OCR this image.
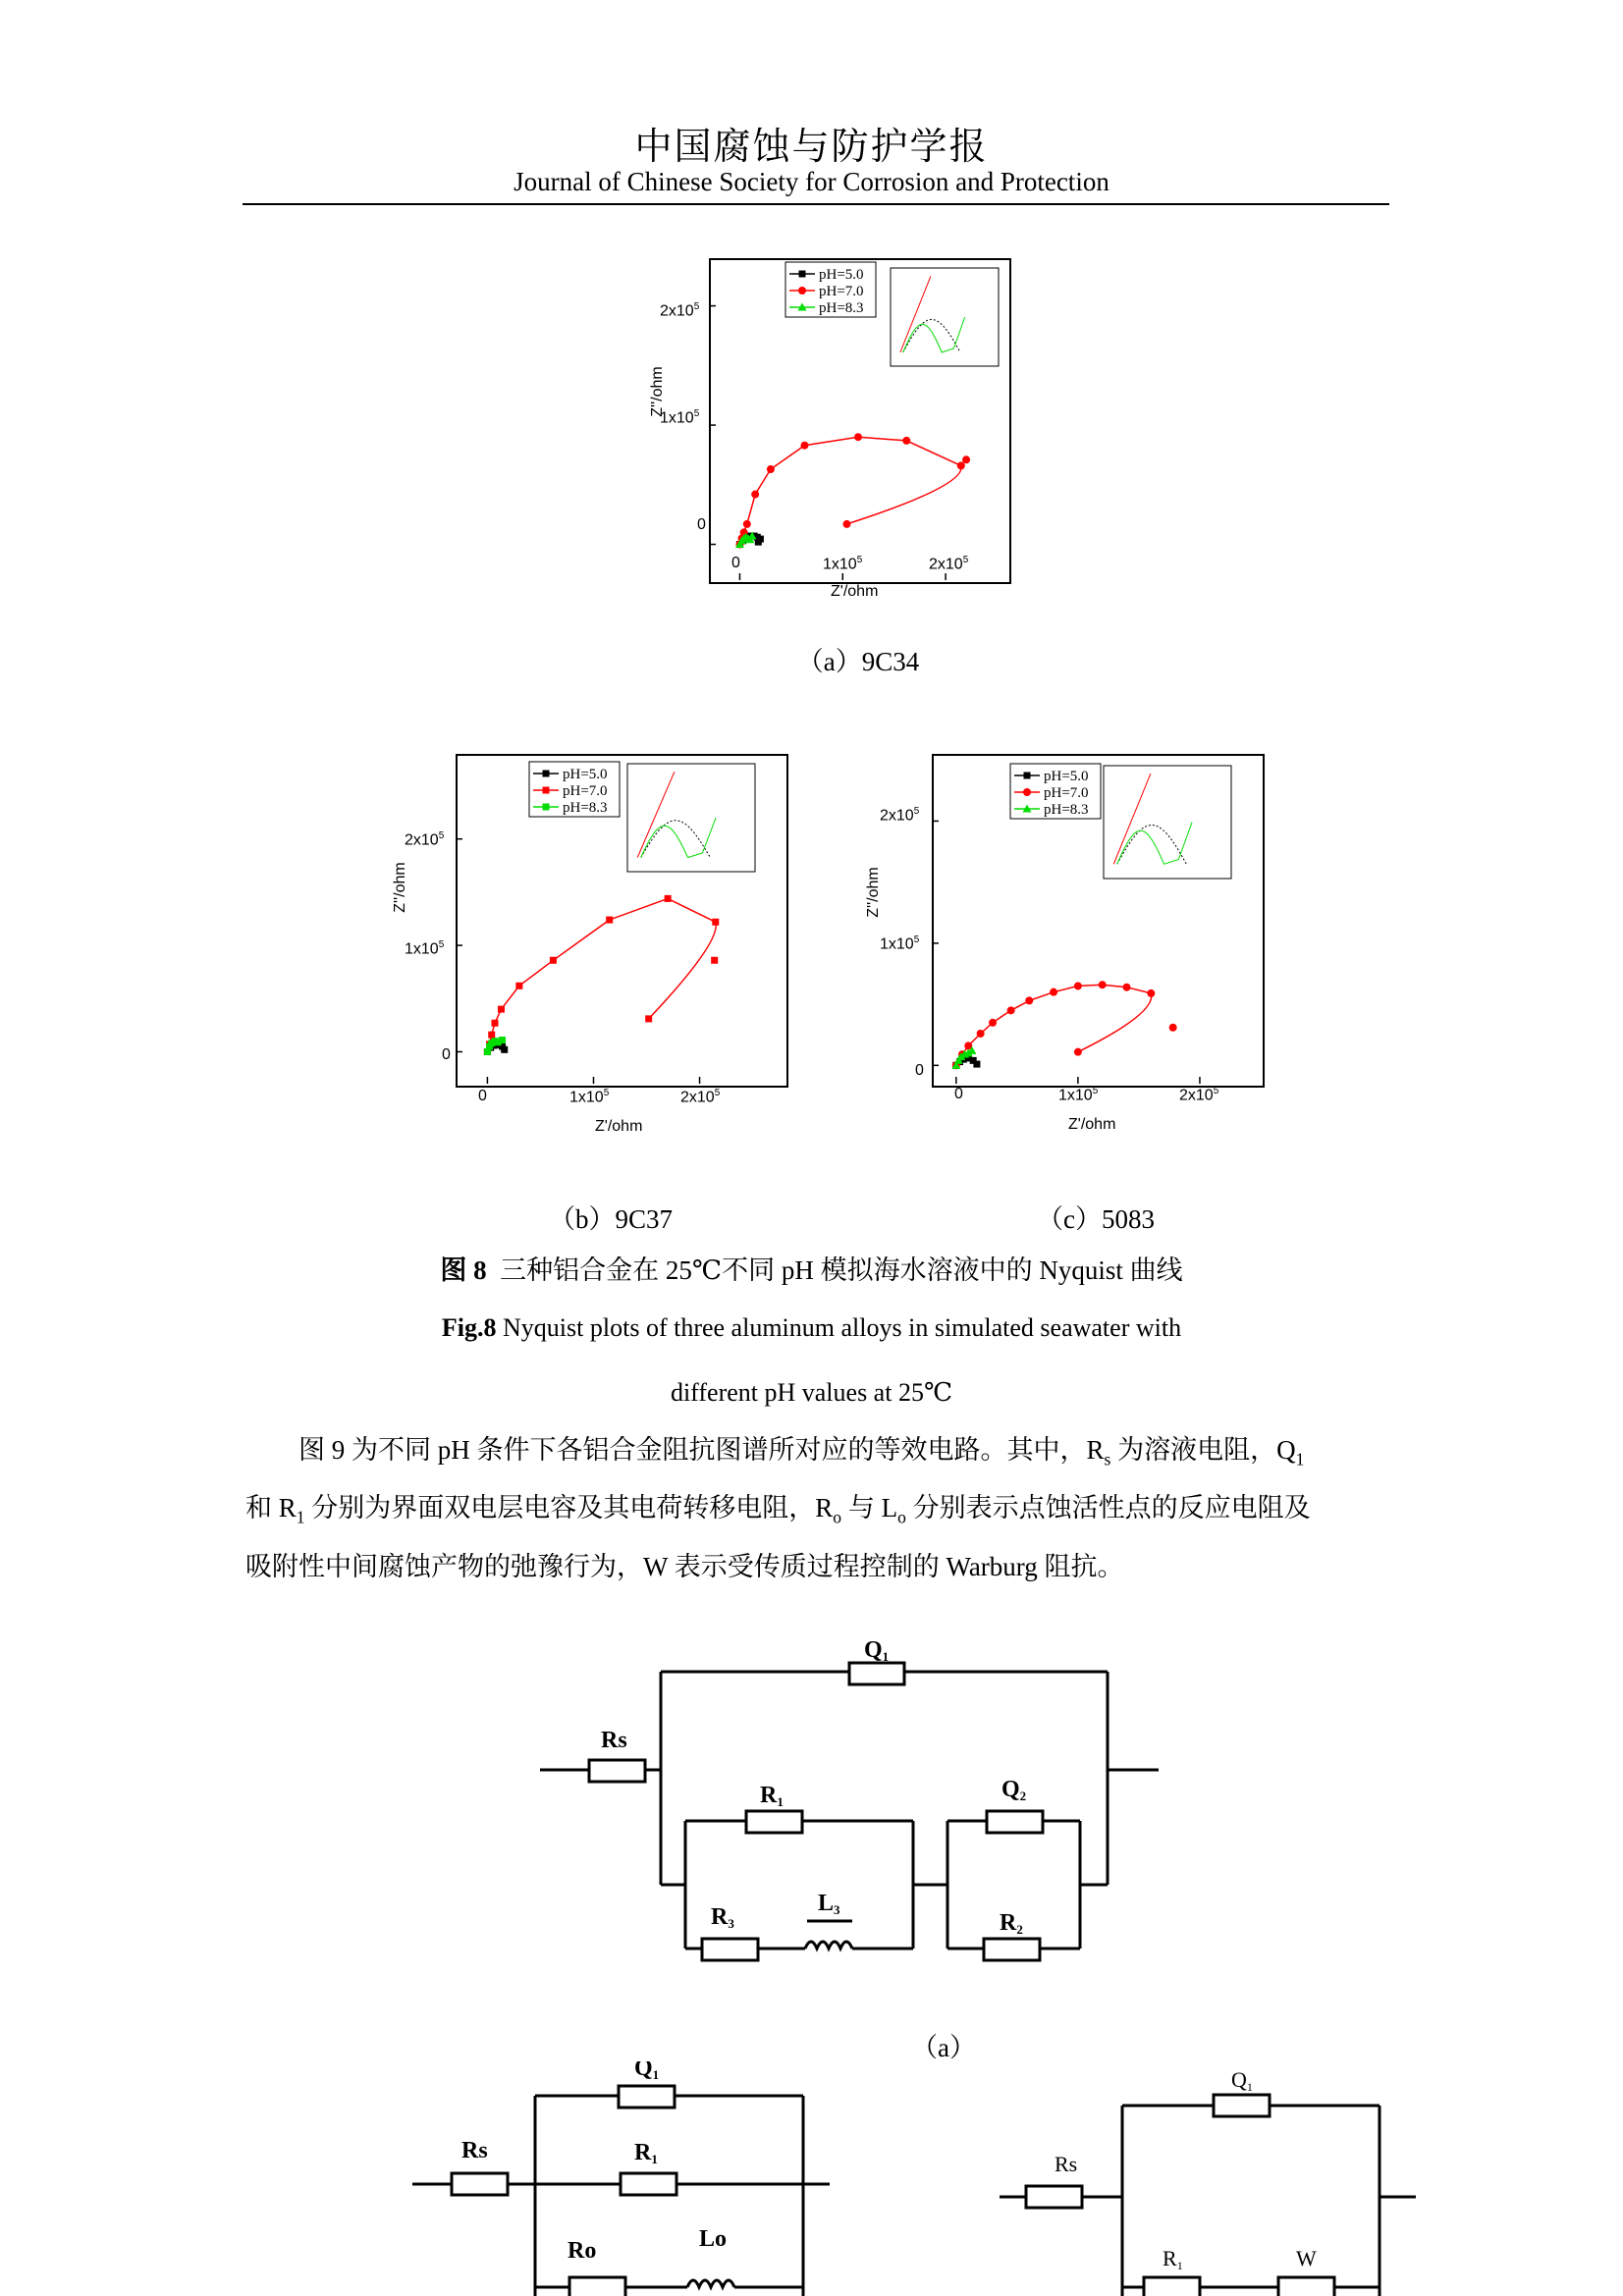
中国腐蚀与防护学报
Journal of Chinese Society for Corrosion and Protection
pH=5.0
pH=7.0
pH=8.3
$2x10^5$
$1x10^5$
0
0	$1x10^5$	$2x10^5$
Z'/ohm
Z''/ohm
（a）9C34
pH=5.0
pH=7.0
pH=8.3
$2x10^5$
$1x10^5$
0
0	$1x10^5$	$2x10^5$
Z'/ohm
Z''/ohm
（b）9C37
pH=5.0
pH=7.0
pH=8.3
$2x10^5$
$1x10^5$
0
0	$1x10^5$	$2x10^5$
Z'/ohm
Z''/ohm
（c）5083
图 8 三种铝合金在 25℃不同 pH 模拟海水溶液中的 Nyquist 曲线
Fig.8 Nyquist plots of three aluminum alloys in simulated seawater with
different pH values at 25℃
图 9 为不同 pH 条件下各铝合金阻抗图谱所对应的等效电路。其中，$R_s$ 为溶液电阻，$Q_1$
和 $R_1$ 分别为界面双电层电容及其电荷转移电阻，$R_o$ 与 $L_o$ 分别表示点蚀活性点的反应电阻及
吸附性中间腐蚀产物的弛豫行为，W 表示受传质过程控制的 Warburg 阻抗。
Q1
Rs
R1	Q2
R3
L3
R2
（a）
Q1
Rs	R1
Ro	Lo
Q1
Rs
R1	W
